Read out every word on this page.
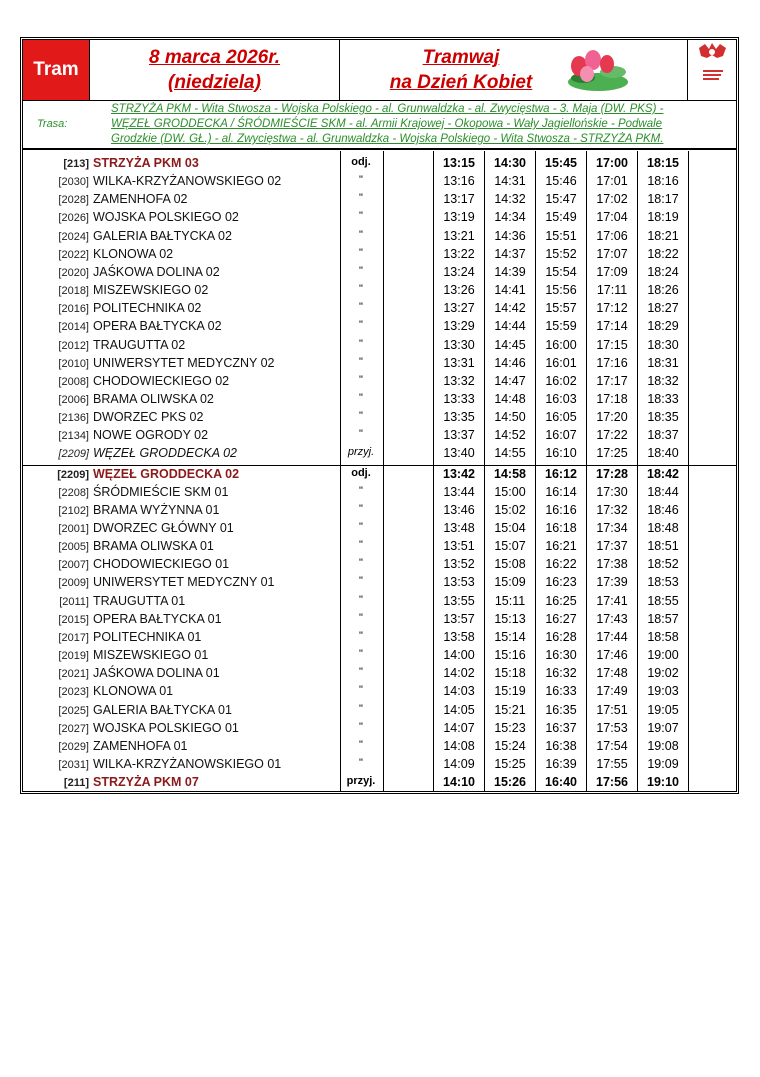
Tram
8 marca 2026r.
(niedziela)
Tramwaj
na Dzień Kobiet
Trasa:
STRZYŻA PKM - Wita Stwosza - Wojska Polskiego - al. Grunwaldzka - al. Zwycięstwa - 3. Maja (DW. PKS) -
WĘZEŁ GRODDECKA / ŚRÓDMIEŚCIE SKM - al. Armii Krajowej - Okopowa - Wały Jagiellońskie - Podwale
Grodzkie (DW. GŁ.) - al. Zwycięstwa - al. Grunwaldzka - Wojska Polskiego - Wita Stwosza - STRZYŻA PKM.
[213] STRZYŻA PKM 03	odj.	13:15	14:30	15:45	17:00	18:15
[2030] WILKA-KRZYŻANOWSKIEGO 02	"	13:16	14:31	15:46	17:01	18:16
[2028] ZAMENHOFA 02	"	13:17	14:32	15:47	17:02	18:17
[2026] WOJSKA POLSKIEGO 02	"	13:19	14:34	15:49	17:04	18:19
[2024] GALERIA BAŁTYCKA 02	"	13:21	14:36	15:51	17:06	18:21
[2022] KLONOWA 02	"	13:22	14:37	15:52	17:07	18:22
[2020] JAŚKOWA DOLINA 02	"	13:24	14:39	15:54	17:09	18:24
[2018] MISZEWSKIEGO 02	"	13:26	14:41	15:56	17:11	18:26
[2016] POLITECHNIKA 02	"	13:27	14:42	15:57	17:12	18:27
[2014] OPERA BAŁTYCKA 02	"	13:29	14:44	15:59	17:14	18:29
[2012] TRAUGUTTA 02	"	13:30	14:45	16:00	17:15	18:30
[2010] UNIWERSYTET MEDYCZNY 02	"	13:31	14:46	16:01	17:16	18:31
[2008] CHODOWIECKIEGO 02	"	13:32	14:47	16:02	17:17	18:32
[2006] BRAMA OLIWSKA 02	"	13:33	14:48	16:03	17:18	18:33
[2136] DWORZEC PKS 02	"	13:35	14:50	16:05	17:20	18:35
[2134] NOWE OGRODY 02	"	13:37	14:52	16:07	17:22	18:37
[2209] WĘZEŁ GRODDECKA 02	przyj.	13:40	14:55	16:10	17:25	18:40
[2209] WĘZEŁ GRODDECKA 02	odj.	13:42	14:58	16:12	17:28	18:42
[2208] ŚRÓDMIEŚCIE SKM 01	"	13:44	15:00	16:14	17:30	18:44
[2102] BRAMA WYŻYNNA 01	"	13:46	15:02	16:16	17:32	18:46
[2001] DWORZEC GŁÓWNY 01	"	13:48	15:04	16:18	17:34	18:48
[2005] BRAMA OLIWSKA 01	"	13:51	15:07	16:21	17:37	18:51
[2007] CHODOWIECKIEGO 01	"	13:52	15:08	16:22	17:38	18:52
[2009] UNIWERSYTET MEDYCZNY 01	"	13:53	15:09	16:23	17:39	18:53
[2011] TRAUGUTTA 01	"	13:55	15:11	16:25	17:41	18:55
[2015] OPERA BAŁTYCKA 01	"	13:57	15:13	16:27	17:43	18:57
[2017] POLITECHNIKA 01	"	13:58	15:14	16:28	17:44	18:58
[2019] MISZEWSKIEGO 01	"	14:00	15:16	16:30	17:46	19:00
[2021] JAŚKOWA DOLINA 01	"	14:02	15:18	16:32	17:48	19:02
[2023] KLONOWA 01	"	14:03	15:19	16:33	17:49	19:03
[2025] GALERIA BAŁTYCKA 01	"	14:05	15:21	16:35	17:51	19:05
[2027] WOJSKA POLSKIEGO 01	"	14:07	15:23	16:37	17:53	19:07
[2029] ZAMENHOFA 01	"	14:08	15:24	16:38	17:54	19:08
[2031] WILKA-KRZYŻANOWSKIEGO 01	"	14:09	15:25	16:39	17:55	19:09
[211] STRZYŻA PKM 07	przyj.	14:10	15:26	16:40	17:56	19:10
